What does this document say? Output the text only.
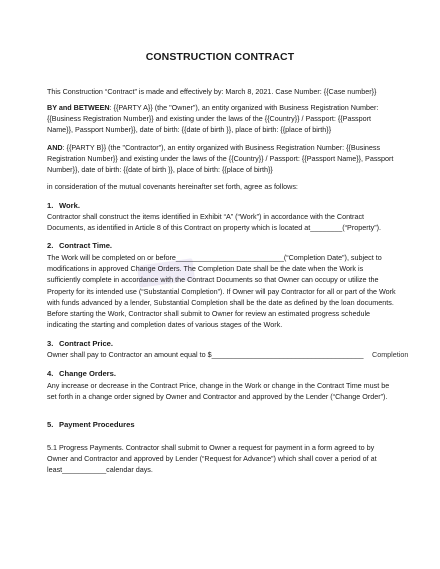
CONSTRUCTION CONTRACT
This Construction “Contract” is made and effectively by: March 8, 2021. Case Number: {{Case number}}
BY and BETWEEN: {{PARTY A}} (the "Owner"), an entity organized with Business Registration Number: {{Business Registration Number}} and existing under the laws of the {{Country}} / Passport: {{Passport Name}}, Passport Number}}, date of birth: {{date of birth }}, place of birth: {{place of birth}}
AND: {{PARTY B}} (the "Contractor"), an entity organized with Business Registration Number: {{Business Registration Number}} and existing under the laws of the {{Country}} / Passport: {{Passport Name}}, Passport Number}}, date of birth: {{date of birth }}, place of birth: {{place of birth}}
in consideration of the mutual covenants hereinafter set forth, agree as follows:
1. Work.
Contractor shall construct the items identified in Exhibit “A” (“Work”) in accordance with the Contract Documents, as identified in Article 8 of this Contract on property which is located at________(“Property”).
2. Contract Time.
The Work will be completed on or before___________________________(“Completion Date”), subject to modifications in approved Change Orders. The Completion Date shall be the date when the Work is sufficiently complete in accordance with the Contract Documents so that Owner can occupy or utilize the Property for its intended use (“Substantial Completion”). If Owner will pay Contractor for all or part of the Work with funds advanced by a lender, Substantial Completion shall be the date as defined by the loan documents. Before starting the Work, Contractor shall submit to Owner for review an estimated progress schedule indicating the starting and completion dates of various stages of the Work.
3. Contract Price.
Owner shall pay to Contractor an amount equal to $______________________________________	Completion
4. Change Orders.
Any increase or decrease in the Contract Price, change in the Work or change in the Contract Time must be set forth in a change order signed by Owner and Contractor and approved by the Lender (“Change Order”).
5. Payment Procedures
5.1 Progress Payments. Contractor shall submit to Owner a request for payment in a form agreed to by Owner and Contractor and approved by Lender (“Request for Advance”) which shall cover a period of at least___________calendar days.
